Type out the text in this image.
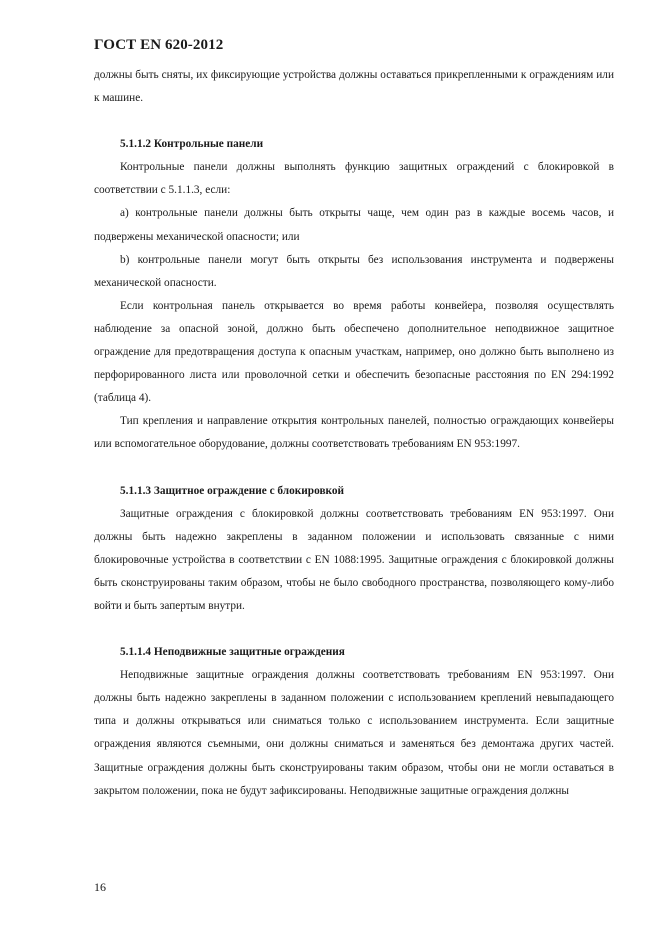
ГОСТ EN 620-2012

должны быть сняты, их фиксирующие устройства должны оставаться прикрепленными к ограждениям или к машине.

5.1.1.2 Контрольные панели

Контрольные панели должны выполнять функцию защитных ограждений с блокировкой в соответствии с 5.1.1.3, если:

а) контрольные панели должны быть открыты чаще, чем один раз в каждые восемь часов, и подвержены механической опасности; или

b) контрольные панели могут быть открыты без использования инструмента и подвержены механической опасности.

Если контрольная панель открывается во время работы конвейера, позволяя осуществлять наблюдение за опасной зоной, должно быть обеспечено дополнительное неподвижное защитное ограждение для предотвращения доступа к опасным участкам, например, оно должно быть выполнено из перфорированного листа или проволочной сетки и обеспечить безопасные расстояния по EN 294:1992 (таблица 4).

Тип крепления и направление открытия контрольных панелей, полностью ограждающих конвейеры или вспомогательное оборудование, должны соответствовать требованиям EN 953:1997.

5.1.1.3 Защитное ограждение с блокировкой

Защитные ограждения с блокировкой должны соответствовать требованиям EN 953:1997. Они должны быть надежно закреплены в заданном положении и использовать связанные с ними блокировочные устройства в соответствии с EN 1088:1995. Защитные ограждения с блокировкой должны быть сконструированы таким образом, чтобы не было свободного пространства, позволяющего кому-либо войти и быть запертым внутри.

5.1.1.4 Неподвижные защитные ограждения

Неподвижные защитные ограждения должны соответствовать требованиям EN 953:1997. Они должны быть надежно закреплены в заданном положении с использованием креплений невыпадающего типа и должны открываться или сниматься только с использованием инструмента. Если защитные ограждения являются съемными, они должны сниматься и заменяться без демонтажа других частей. Защитные ограждения должны быть сконструированы таким образом, чтобы они не могли оставаться в закрытом положении, пока не будут зафиксированы. Неподвижные защитные ограждения должны

16
